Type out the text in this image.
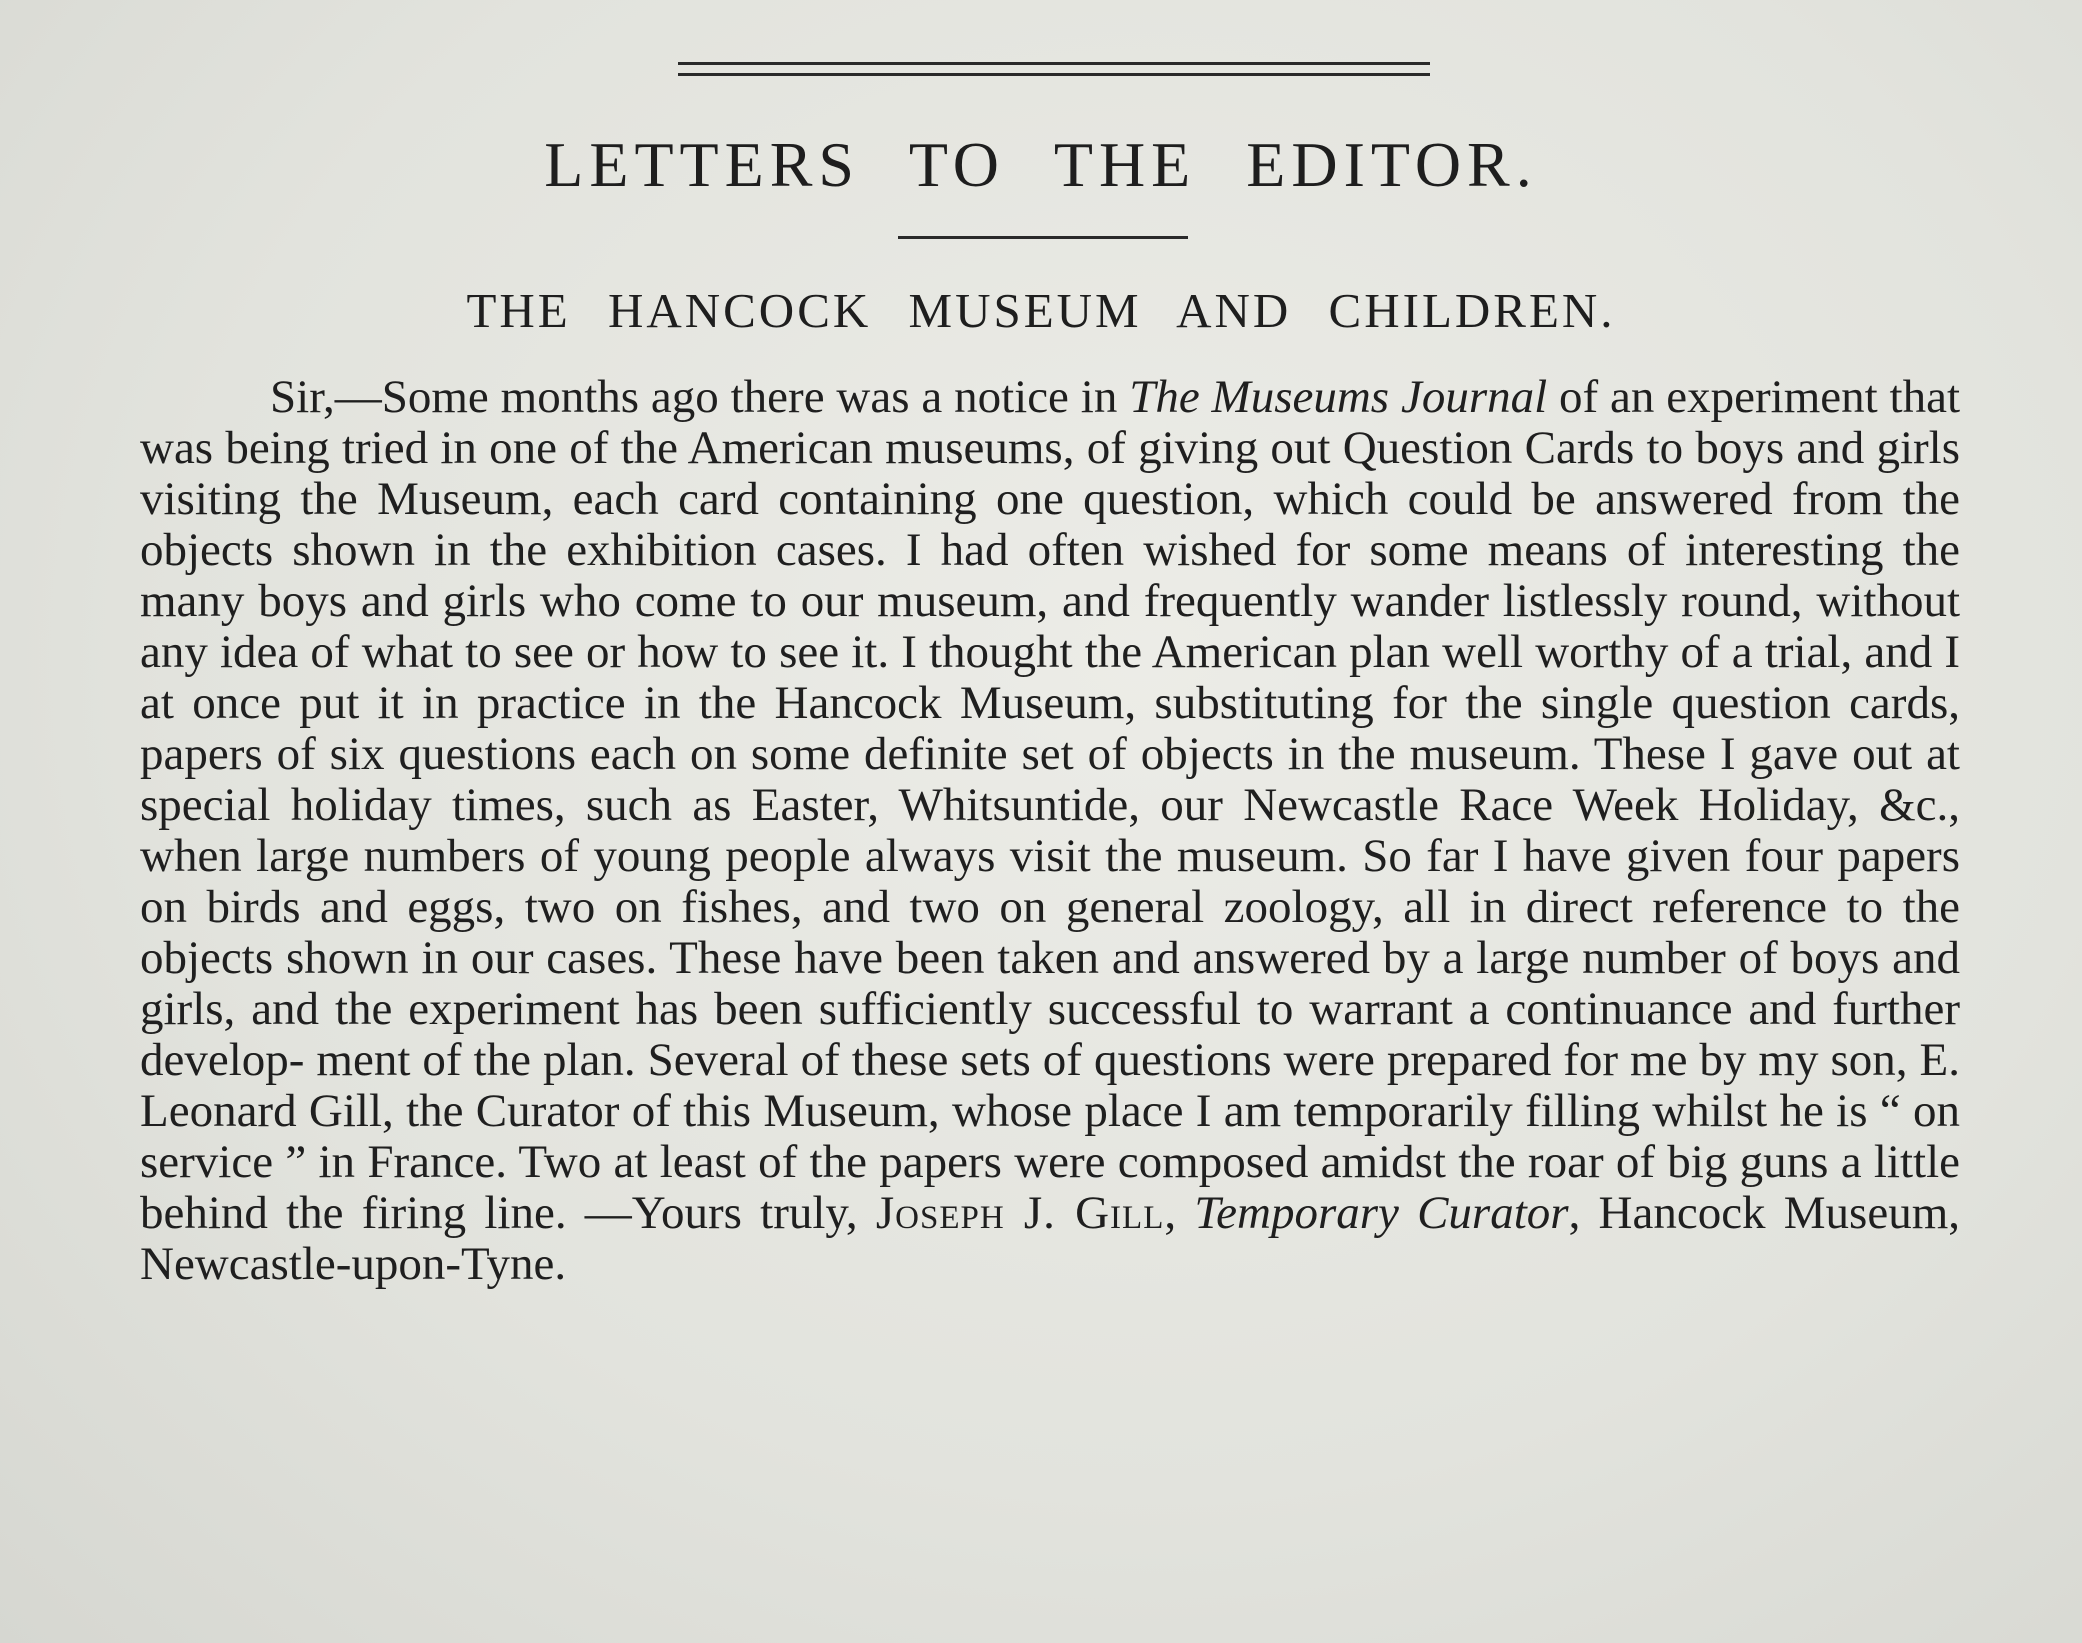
LETTERS TO THE EDITOR.
THE HANCOCK MUSEUM AND CHILDREN.

Sir,—Some months ago there was a notice in The Museums Journal of an experiment that was being tried in one of the American museums, of giving out Question Cards to boys and girls visiting the Museum, each card containing one question, which could be answered from the objects shown in the exhibition cases. I had often wished for some means of interesting the many boys and girls who come to our museum, and frequently wander listlessly round, without any idea of what to see or how to see it. I thought the American plan well worthy of a trial, and I at once put it in practice in the Hancock Museum, substituting for the single question cards, papers of six questions each on some definite set of objects in the museum. These I gave out at special holiday times, such as Easter, Whitsuntide, our Newcastle Race Week Holiday, &c., when large numbers of young people always visit the museum. So far I have given four papers on birds and eggs, two on fishes, and two on general zoology, all in direct reference to the objects shown in our cases. These have been taken and answered by a large number of boys and girls, and the experiment has been sufficiently successful to warrant a continuance and further develop- ment of the plan. Several of these sets of questions were prepared for me by my son, E. Leonard Gill, the Curator of this Museum, whose place I am temporarily filling whilst he is “ on service ” in France. Two at least of the papers were composed amidst the roar of big guns a little behind the firing line. —Yours truly, Joseph J. Gill, Temporary Curator, Hancock Museum, Newcastle-upon-Tyne.
